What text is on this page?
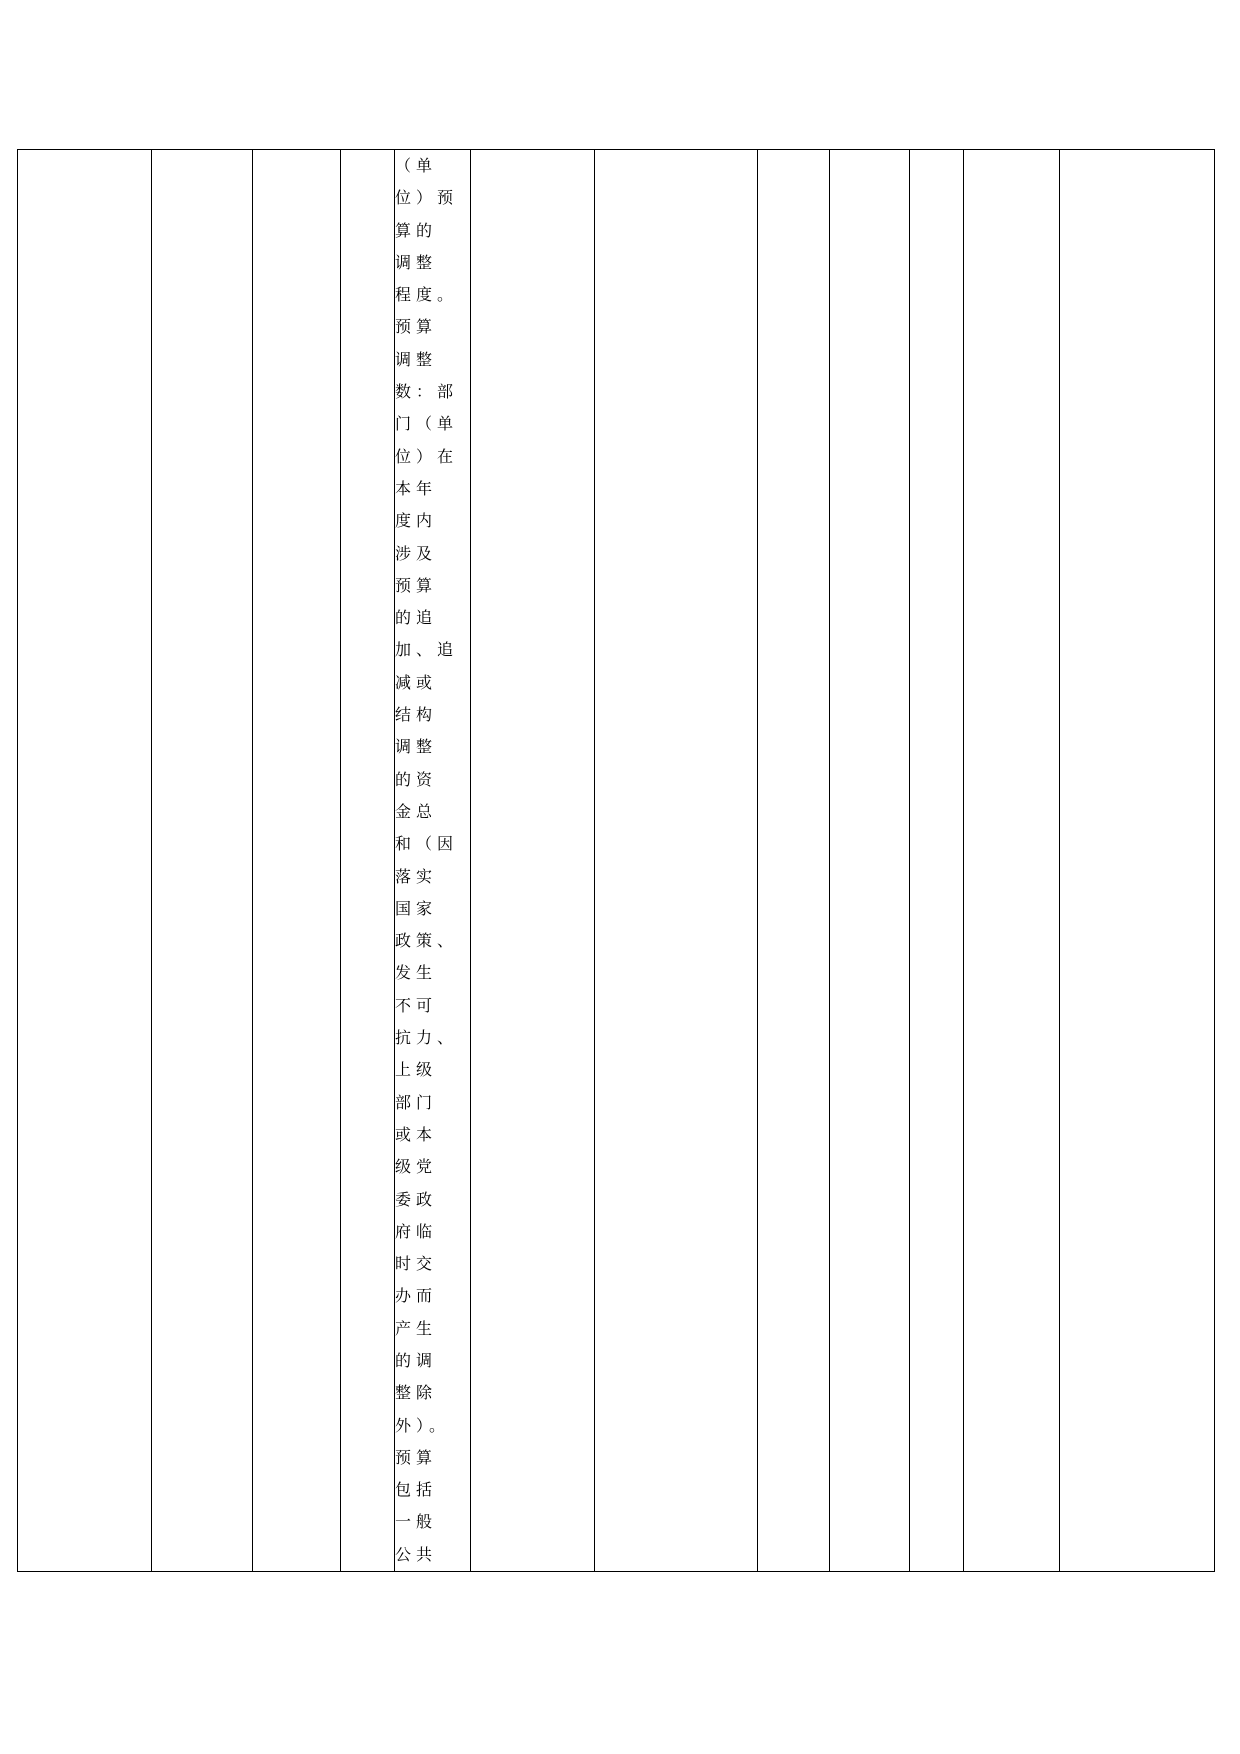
（单
位）预
算的
调整
程度。
预算
调整
数：部
门（单
位）在
本年
度内
涉及
预算
的追
加、追
减或
结构
调整
的资
金总
和（因
落实
国家
政策、
发生
不可
抗力、
上级
部门
或本
级党
委政
府临
时交
办而
产生
的调
整除
外）。
预算
包括
一般
公共
